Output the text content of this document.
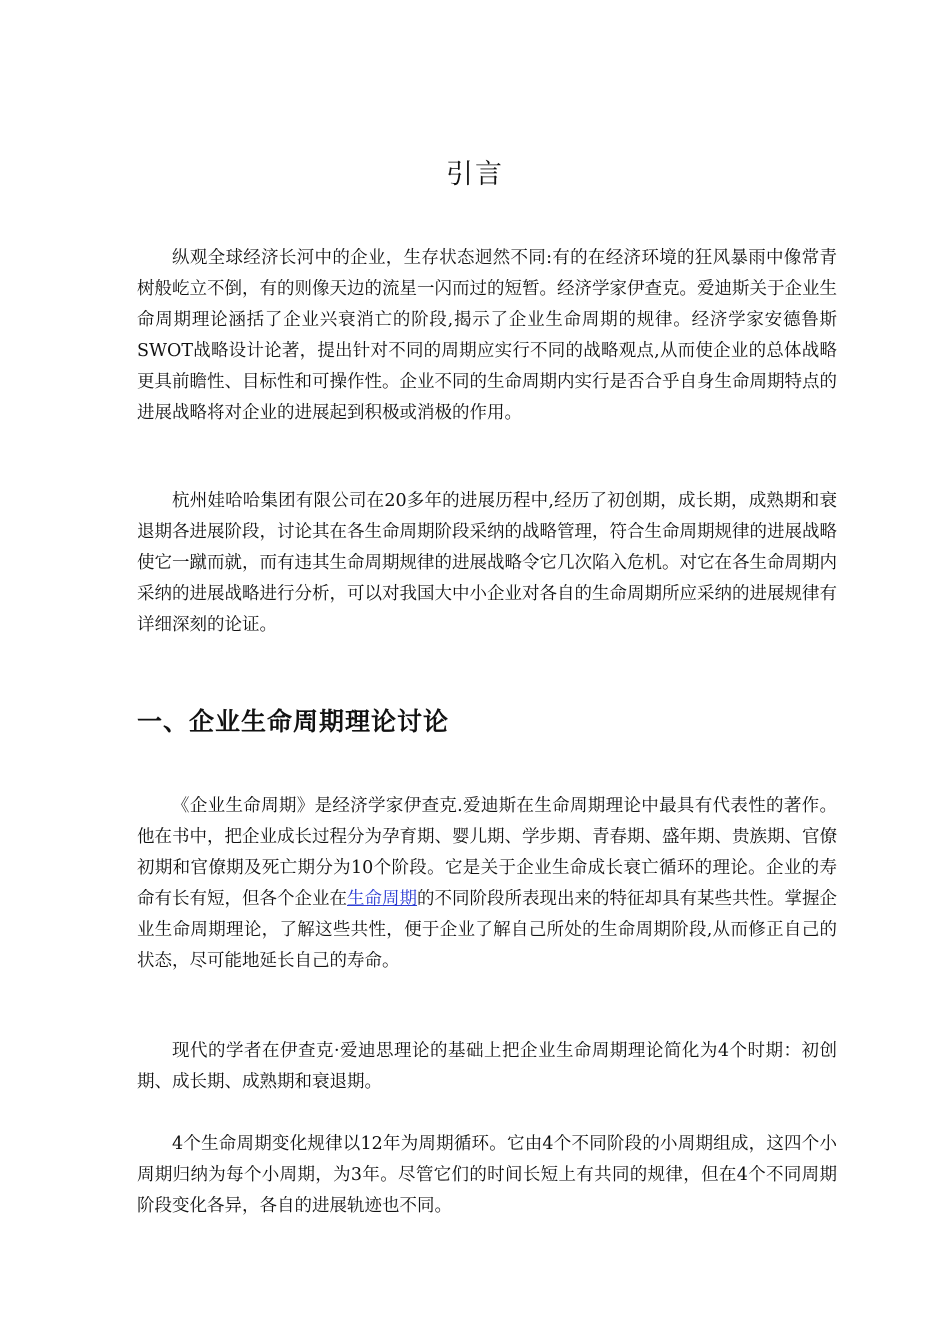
引言

纵观全球经济长河中的企业，生存状态迥然不同:有的在经济环境的狂风暴雨中像常青树般屹立不倒，有的则像天边的流星一闪而过的短暂。经济学家伊查克。爱迪斯关于企业生命周期理论涵括了企业兴衰消亡的阶段,揭示了企业生命周期的规律。经济学家安德鲁斯SWOT战略设计论著，提出针对不同的周期应实行不同的战略观点,从而使企业的总体战略更具前瞻性、目标性和可操作性。企业不同的生命周期内实行是否合乎自身生命周期特点的进展战略将对企业的进展起到积极或消极的作用。

杭州娃哈哈集团有限公司在20多年的进展历程中,经历了初创期，成长期，成熟期和衰退期各进展阶段，讨论其在各生命周期阶段采纳的战略管理，符合生命周期规律的进展战略使它一蹴而就，而有违其生命周期规律的进展战略令它几次陷入危机。对它在各生命周期内采纳的进展战略进行分析，可以对我国大中小企业对各自的生命周期所应采纳的进展规律有详细深刻的论证。

一、企业生命周期理论讨论

《企业生命周期》是经济学家伊查克.爱迪斯在生命周期理论中最具有代表性的著作。他在书中，把企业成长过程分为孕育期、婴儿期、学步期、青春期、盛年期、贵族期、官僚初期和官僚期及死亡期分为10个阶段。它是关于企业生命成长衰亡循环的理论。企业的寿命有长有短，但各个企业在生命周期的不同阶段所表现出来的特征却具有某些共性。掌握企业生命周期理论，了解这些共性，便于企业了解自己所处的生命周期阶段,从而修正自己的状态，尽可能地延长自己的寿命。

现代的学者在伊查克·爱迪思理论的基础上把企业生命周期理论简化为4个时期：初创期、成长期、成熟期和衰退期。

4个生命周期变化规律以12年为周期循环。它由4个不同阶段的小周期组成，这四个小周期归纳为每个小周期，为3年。尽管它们的时间长短上有共同的规律，但在4个不同周期阶段变化各异，各自的进展轨迹也不同。
